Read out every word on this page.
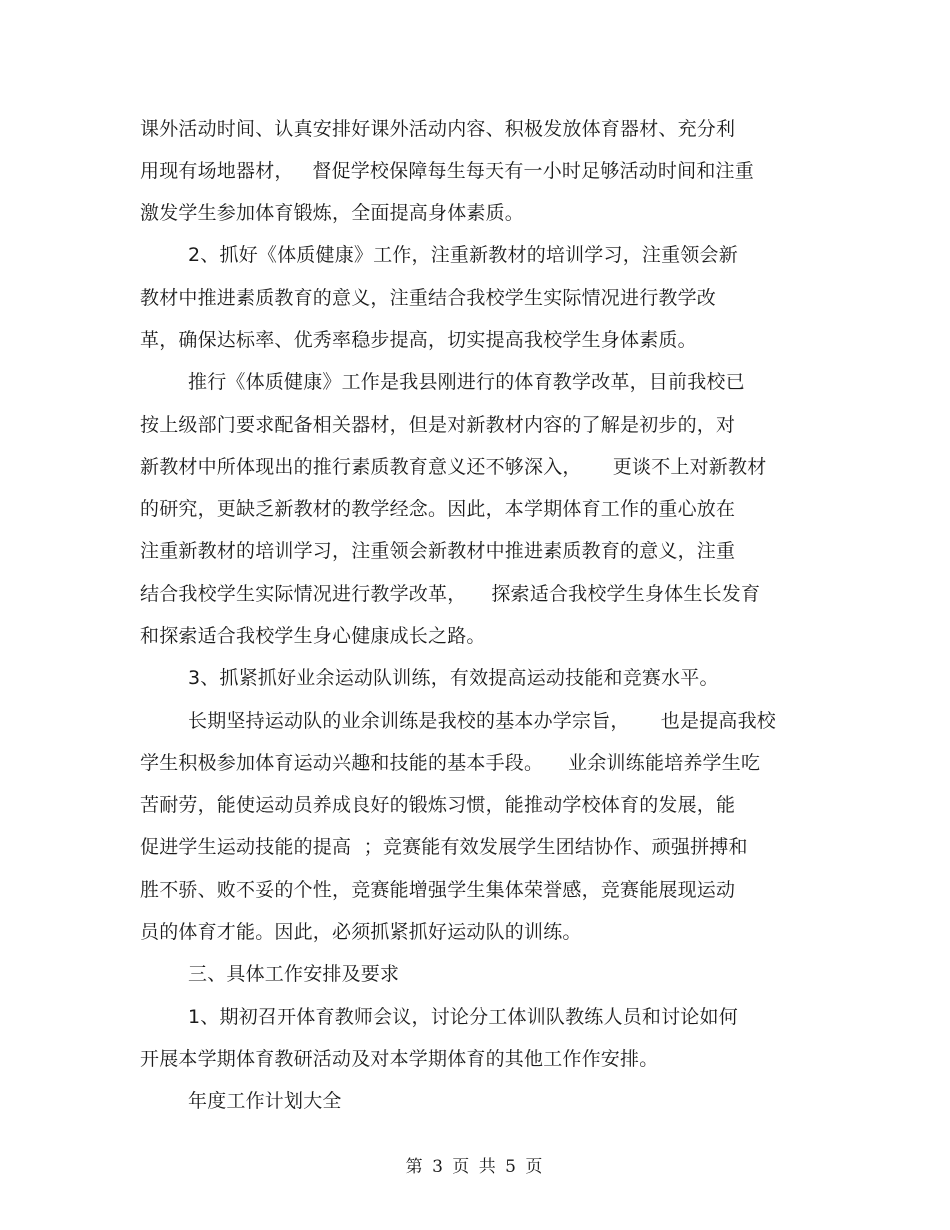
课外活动时间、认真安排好课外活动内容、积极发放体育器材、充分利
用现有场地器材，   督促学校保障每生每天有一小时足够活动时间和注重
激发学生参加体育锻炼，全面提高身体素质。
2、抓好《体质健康》工作，注重新教材的培训学习，注重领会新
教材中推进素质教育的意义，注重结合我校学生实际情况进行教学改
革，确保达标率、优秀率稳步提高，切实提高我校学生身体素质。
推行《体质健康》工作是我县刚进行的体育教学改革，目前我校已
按上级部门要求配备相关器材，但是对新教材内容的了解是初步的，对
新教材中所体现出的推行素质教育意义还不够深入，     更谈不上对新教材
的研究，更缺乏新教材的教学经念。因此，本学期体育工作的重心放在
注重新教材的培训学习，注重领会新教材中推进素质教育的意义，注重
结合我校学生实际情况进行教学改革，    探索适合我校学生身体生长发育
和探索适合我校学生身心健康成长之路。
3、抓紧抓好业余运动队训练，有效提高运动技能和竞赛水平。
长期坚持运动队的业余训练是我校的基本办学宗旨，     也是提高我校
学生积极参加体育运动兴趣和技能的基本手段。    业余训练能培养学生吃
苦耐劳，能使运动员养成良好的锻炼习惯，能推动学校体育的发展，能
促进学生运动技能的提高  ；竞赛能有效发展学生团结协作、顽强拼搏和
胜不骄、败不妥的个性，竞赛能增强学生集体荣誉感，竞赛能展现运动
员的体育才能。因此，必须抓紧抓好运动队的训练。
三、具体工作安排及要求
1、期初召开体育教师会议，讨论分工体训队教练人员和讨论如何
开展本学期体育教研活动及对本学期体育的其他工作作安排。
年度工作计划大全
第 3 页 共 5 页
